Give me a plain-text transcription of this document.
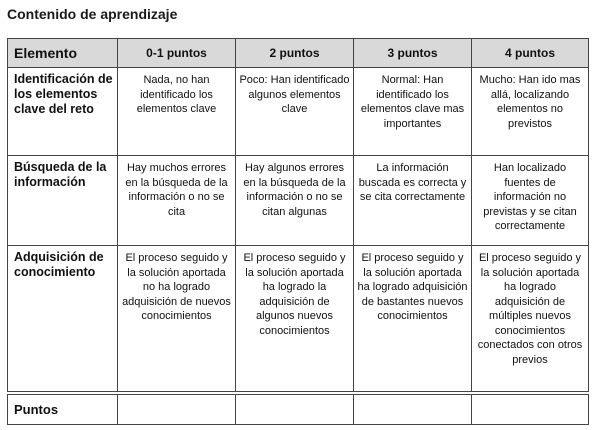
Contenido de aprendizaje
Elemento	0-1 puntos	2 puntos	3 puntos	4 puntos
Identificación de los elementos clave del reto	Nada, no han identificado los elementos clave	Poco: Han identificado algunos elementos clave	Normal: Han identificado los elementos clave mas importantes	Mucho: Han ido mas allá, localizando elementos no previstos
Búsqueda de la información	Hay muchos errores en la búsqueda de la información o no se cita	Hay algunos errores en la búsqueda de la información o no se citan algunas	La información buscada es correcta y se cita correctamente	Han localizado fuentes de información no previstas y se citan correctamente
Adquisición de conocimiento	El proceso seguido y la solución aportada no ha logrado adquisición de nuevos conocimientos	El proceso seguido y la solución aportada ha logrado la adquisición de algunos nuevos conocimientos	El proceso seguido y la solución aportada ha logrado adquisición de bastantes nuevos conocimientos	El proceso seguido y la solución aportada ha logrado adquisición de múltiples nuevos conocimientos conectados con otros previos

Puntos				
